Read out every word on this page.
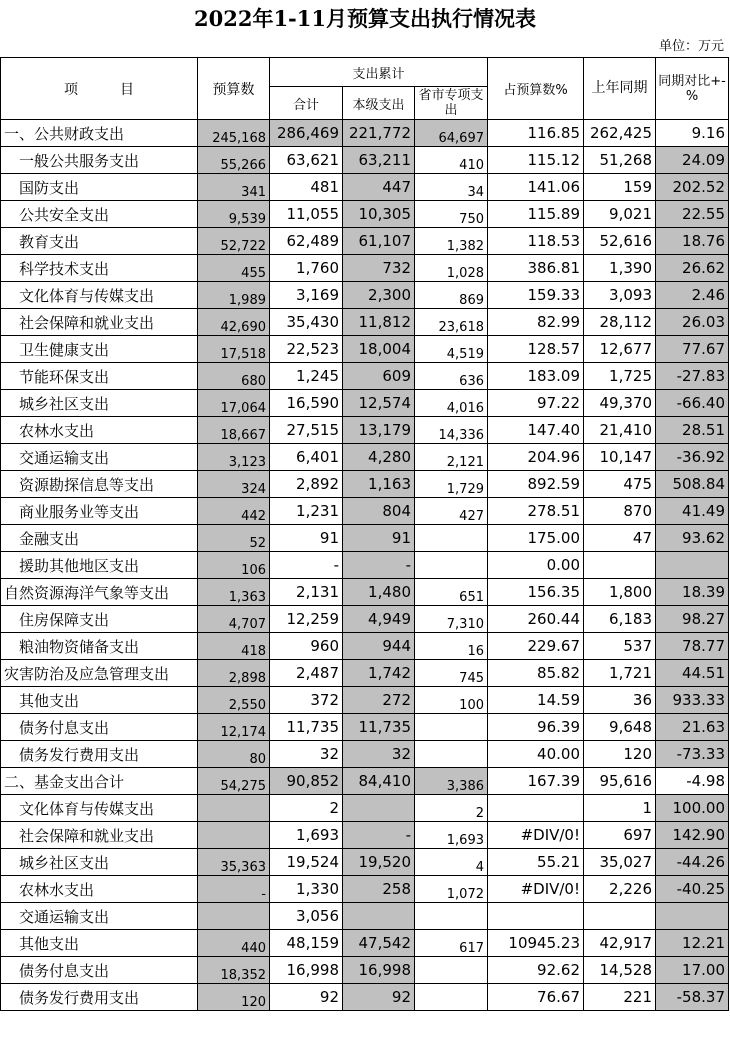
2022年1-11月预算支出执行情况表
单位：万元
项　　　目	预算数	支出累计			占预算数%	上年同期	同期对比+-%
		合计	本级支出	省市专项支出			
一、公共财政支出	245,168	286,469	221,772	64,697	116.85	262,425	9.16
一般公共服务支出	55,266	63,621	63,211	410	115.12	51,268	24.09
国防支出	341	481	447	34	141.06	159	202.52
公共安全支出	9,539	11,055	10,305	750	115.89	9,021	22.55
教育支出	52,722	62,489	61,107	1,382	118.53	52,616	18.76
科学技术支出	455	1,760	732	1,028	386.81	1,390	26.62
文化体育与传媒支出	1,989	3,169	2,300	869	159.33	3,093	2.46
社会保障和就业支出	42,690	35,430	11,812	23,618	82.99	28,112	26.03
卫生健康支出	17,518	22,523	18,004	4,519	128.57	12,677	77.67
节能环保支出	680	1,245	609	636	183.09	1,725	-27.83
城乡社区支出	17,064	16,590	12,574	4,016	97.22	49,370	-66.40
农林水支出	18,667	27,515	13,179	14,336	147.40	21,410	28.51
交通运输支出	3,123	6,401	4,280	2,121	204.96	10,147	-36.92
资源勘探信息等支出	324	2,892	1,163	1,729	892.59	475	508.84
商业服务业等支出	442	1,231	804	427	278.51	870	41.49
金融支出	52	91	91		175.00	47	93.62
援助其他地区支出	106	-	-		0.00		
自然资源海洋气象等支出	1,363	2,131	1,480	651	156.35	1,800	18.39
住房保障支出	4,707	12,259	4,949	7,310	260.44	6,183	98.27
粮油物资储备支出	418	960	944	16	229.67	537	78.77
灾害防治及应急管理支出	2,898	2,487	1,742	745	85.82	1,721	44.51
其他支出	2,550	372	272	100	14.59	36	933.33
债务付息支出	12,174	11,735	11,735		96.39	9,648	21.63
债务发行费用支出	80	32	32		40.00	120	-73.33
二、基金支出合计	54,275	90,852	84,410	3,386	167.39	95,616	-4.98
文化体育与传媒支出		2		2		1	100.00
社会保障和就业支出		1,693	-	1,693	#DIV/0!	697	142.90
城乡社区支出	35,363	19,524	19,520	4	55.21	35,027	-44.26
农林水支出	-	1,330	258	1,072	#DIV/0!	2,226	-40.25
交通运输支出		3,056					
其他支出	440	48,159	47,542	617	10945.23	42,917	12.21
债务付息支出	18,352	16,998	16,998		92.62	14,528	17.00
债务发行费用支出	120	92	92		76.67	221	-58.37
